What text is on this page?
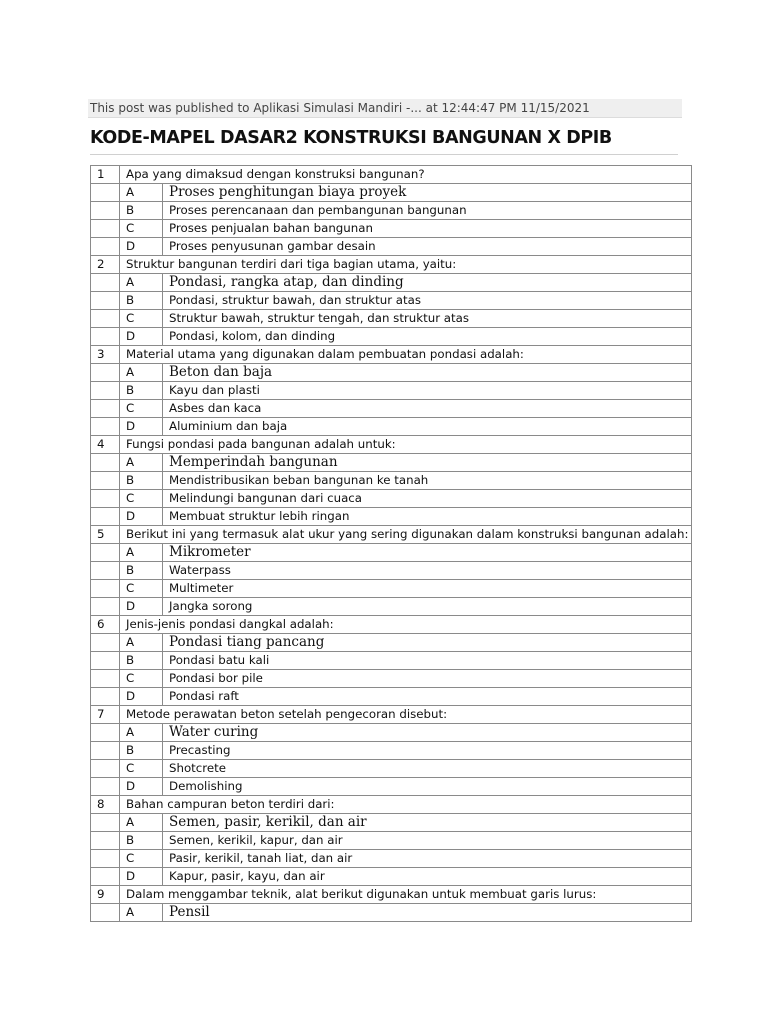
This post was published to Aplikasi Simulasi Mandiri -... at 12:44:47 PM 11/15/2021
KODE-MAPEL DASAR2 KONSTRUKSI BANGUNAN X DPIB
1	Apa yang dimaksud dengan konstruksi bangunan?	
	A	Proses penghitungan biaya proyek
	B	Proses perencanaan dan pembangunan bangunan
	C	Proses penjualan bahan bangunan
	D	Proses penyusunan gambar desain
2	Struktur bangunan terdiri dari tiga bagian utama, yaitu:	
	A	Pondasi, rangka atap, dan dinding
	B	Pondasi, struktur bawah, dan struktur atas
	C	Struktur bawah, struktur tengah, dan struktur atas
	D	Pondasi, kolom, dan dinding
3	Material utama yang digunakan dalam pembuatan pondasi adalah:	
	A	Beton dan baja
	B	Kayu dan plasti
	C	Asbes dan kaca
	D	Aluminium dan baja
4	Fungsi pondasi pada bangunan adalah untuk:	
	A	Memperindah bangunan
	B	Mendistribusikan beban bangunan ke tanah
	C	Melindungi bangunan dari cuaca
	D	Membuat struktur lebih ringan
5	Berikut ini yang termasuk alat ukur yang sering digunakan dalam konstruksi bangunan adalah:	
	A	Mikrometer
	B	Waterpass
	C	Multimeter
	D	Jangka sorong
6	Jenis-jenis pondasi dangkal adalah:	
	A	Pondasi tiang pancang
	B	Pondasi batu kali
	C	Pondasi bor pile
	D	Pondasi raft
7	Metode perawatan beton setelah pengecoran disebut:	
	A	Water curing
	B	Precasting
	C	Shotcrete
	D	Demolishing
8	Bahan campuran beton terdiri dari:	
	A	Semen, pasir, kerikil, dan air
	B	Semen, kerikil, kapur, dan air
	C	Pasir, kerikil, tanah liat, dan air
	D	Kapur, pasir, kayu, dan air
9	Dalam menggambar teknik, alat berikut digunakan untuk membuat garis lurus:	
	A	Pensil
